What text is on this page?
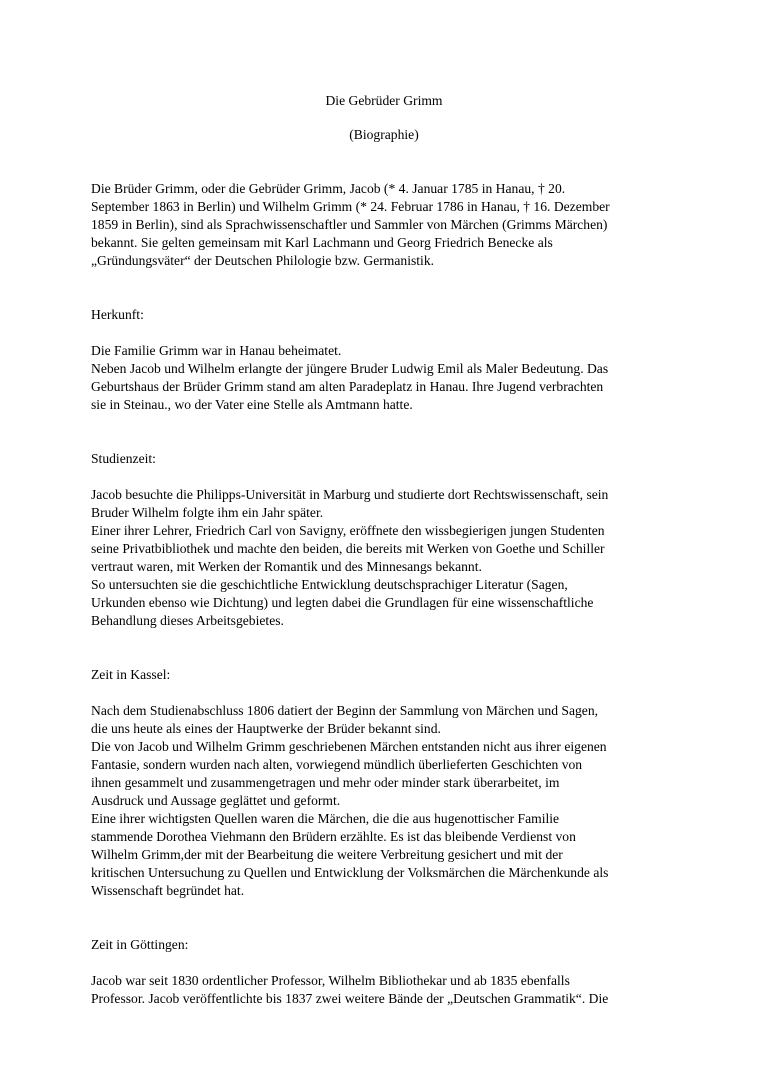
Die Gebrüder Grimm
(Biographie)
Die Brüder Grimm, oder die Gebrüder Grimm, Jacob (* 4. Januar 1785 in Hanau, † 20.
September 1863 in Berlin) und Wilhelm Grimm (* 24. Februar 1786 in Hanau, † 16. Dezember
1859 in Berlin), sind als Sprachwissenschaftler und Sammler von Märchen (Grimms Märchen)
bekannt. Sie gelten gemeinsam mit Karl Lachmann und Georg Friedrich Benecke als
„Gründungsväter“ der Deutschen Philologie bzw. Germanistik.
Herkunft:
Die Familie Grimm war in Hanau beheimatet.
Neben Jacob und Wilhelm erlangte der jüngere Bruder Ludwig Emil als Maler Bedeutung. Das
Geburtshaus der Brüder Grimm stand am alten Paradeplatz in Hanau. Ihre Jugend verbrachten
sie in Steinau., wo der Vater eine Stelle als Amtmann hatte.
Studienzeit:
Jacob besuchte die Philipps-Universität in Marburg und studierte dort Rechtswissenschaft, sein
Bruder Wilhelm folgte ihm ein Jahr später.
Einer ihrer Lehrer, Friedrich Carl von Savigny, eröffnete den wissbegierigen jungen Studenten
seine Privatbibliothek und machte den beiden, die bereits mit Werken von Goethe und Schiller
vertraut waren, mit Werken der Romantik und des Minnesangs bekannt.
So untersuchten sie die geschichtliche Entwicklung deutschsprachiger Literatur (Sagen,
Urkunden ebenso wie Dichtung) und legten dabei die Grundlagen für eine wissenschaftliche
Behandlung dieses Arbeitsgebietes.
Zeit in Kassel:
Nach dem Studienabschluss 1806 datiert der Beginn der Sammlung von Märchen und Sagen,
die uns heute als eines der Hauptwerke der Brüder bekannt sind.
Die von Jacob und Wilhelm Grimm geschriebenen Märchen entstanden nicht aus ihrer eigenen
Fantasie, sondern wurden nach alten, vorwiegend mündlich überlieferten Geschichten von
ihnen gesammelt und zusammengetragen und mehr oder minder stark überarbeitet, im
Ausdruck und Aussage geglättet und geformt.
Eine ihrer wichtigsten Quellen waren die Märchen, die die aus hugenottischer Familie
stammende Dorothea Viehmann den Brüdern erzählte. Es ist das bleibende Verdienst von
Wilhelm Grimm,der mit der Bearbeitung die weitere Verbreitung gesichert und mit der
kritischen Untersuchung zu Quellen und Entwicklung der Volksmärchen die Märchenkunde als
Wissenschaft begründet hat.
Zeit in Göttingen:
Jacob war seit 1830 ordentlicher Professor, Wilhelm Bibliothekar und ab 1835 ebenfalls
Professor. Jacob veröffentlichte bis 1837 zwei weitere Bände der „Deutschen Grammatik“. Die
